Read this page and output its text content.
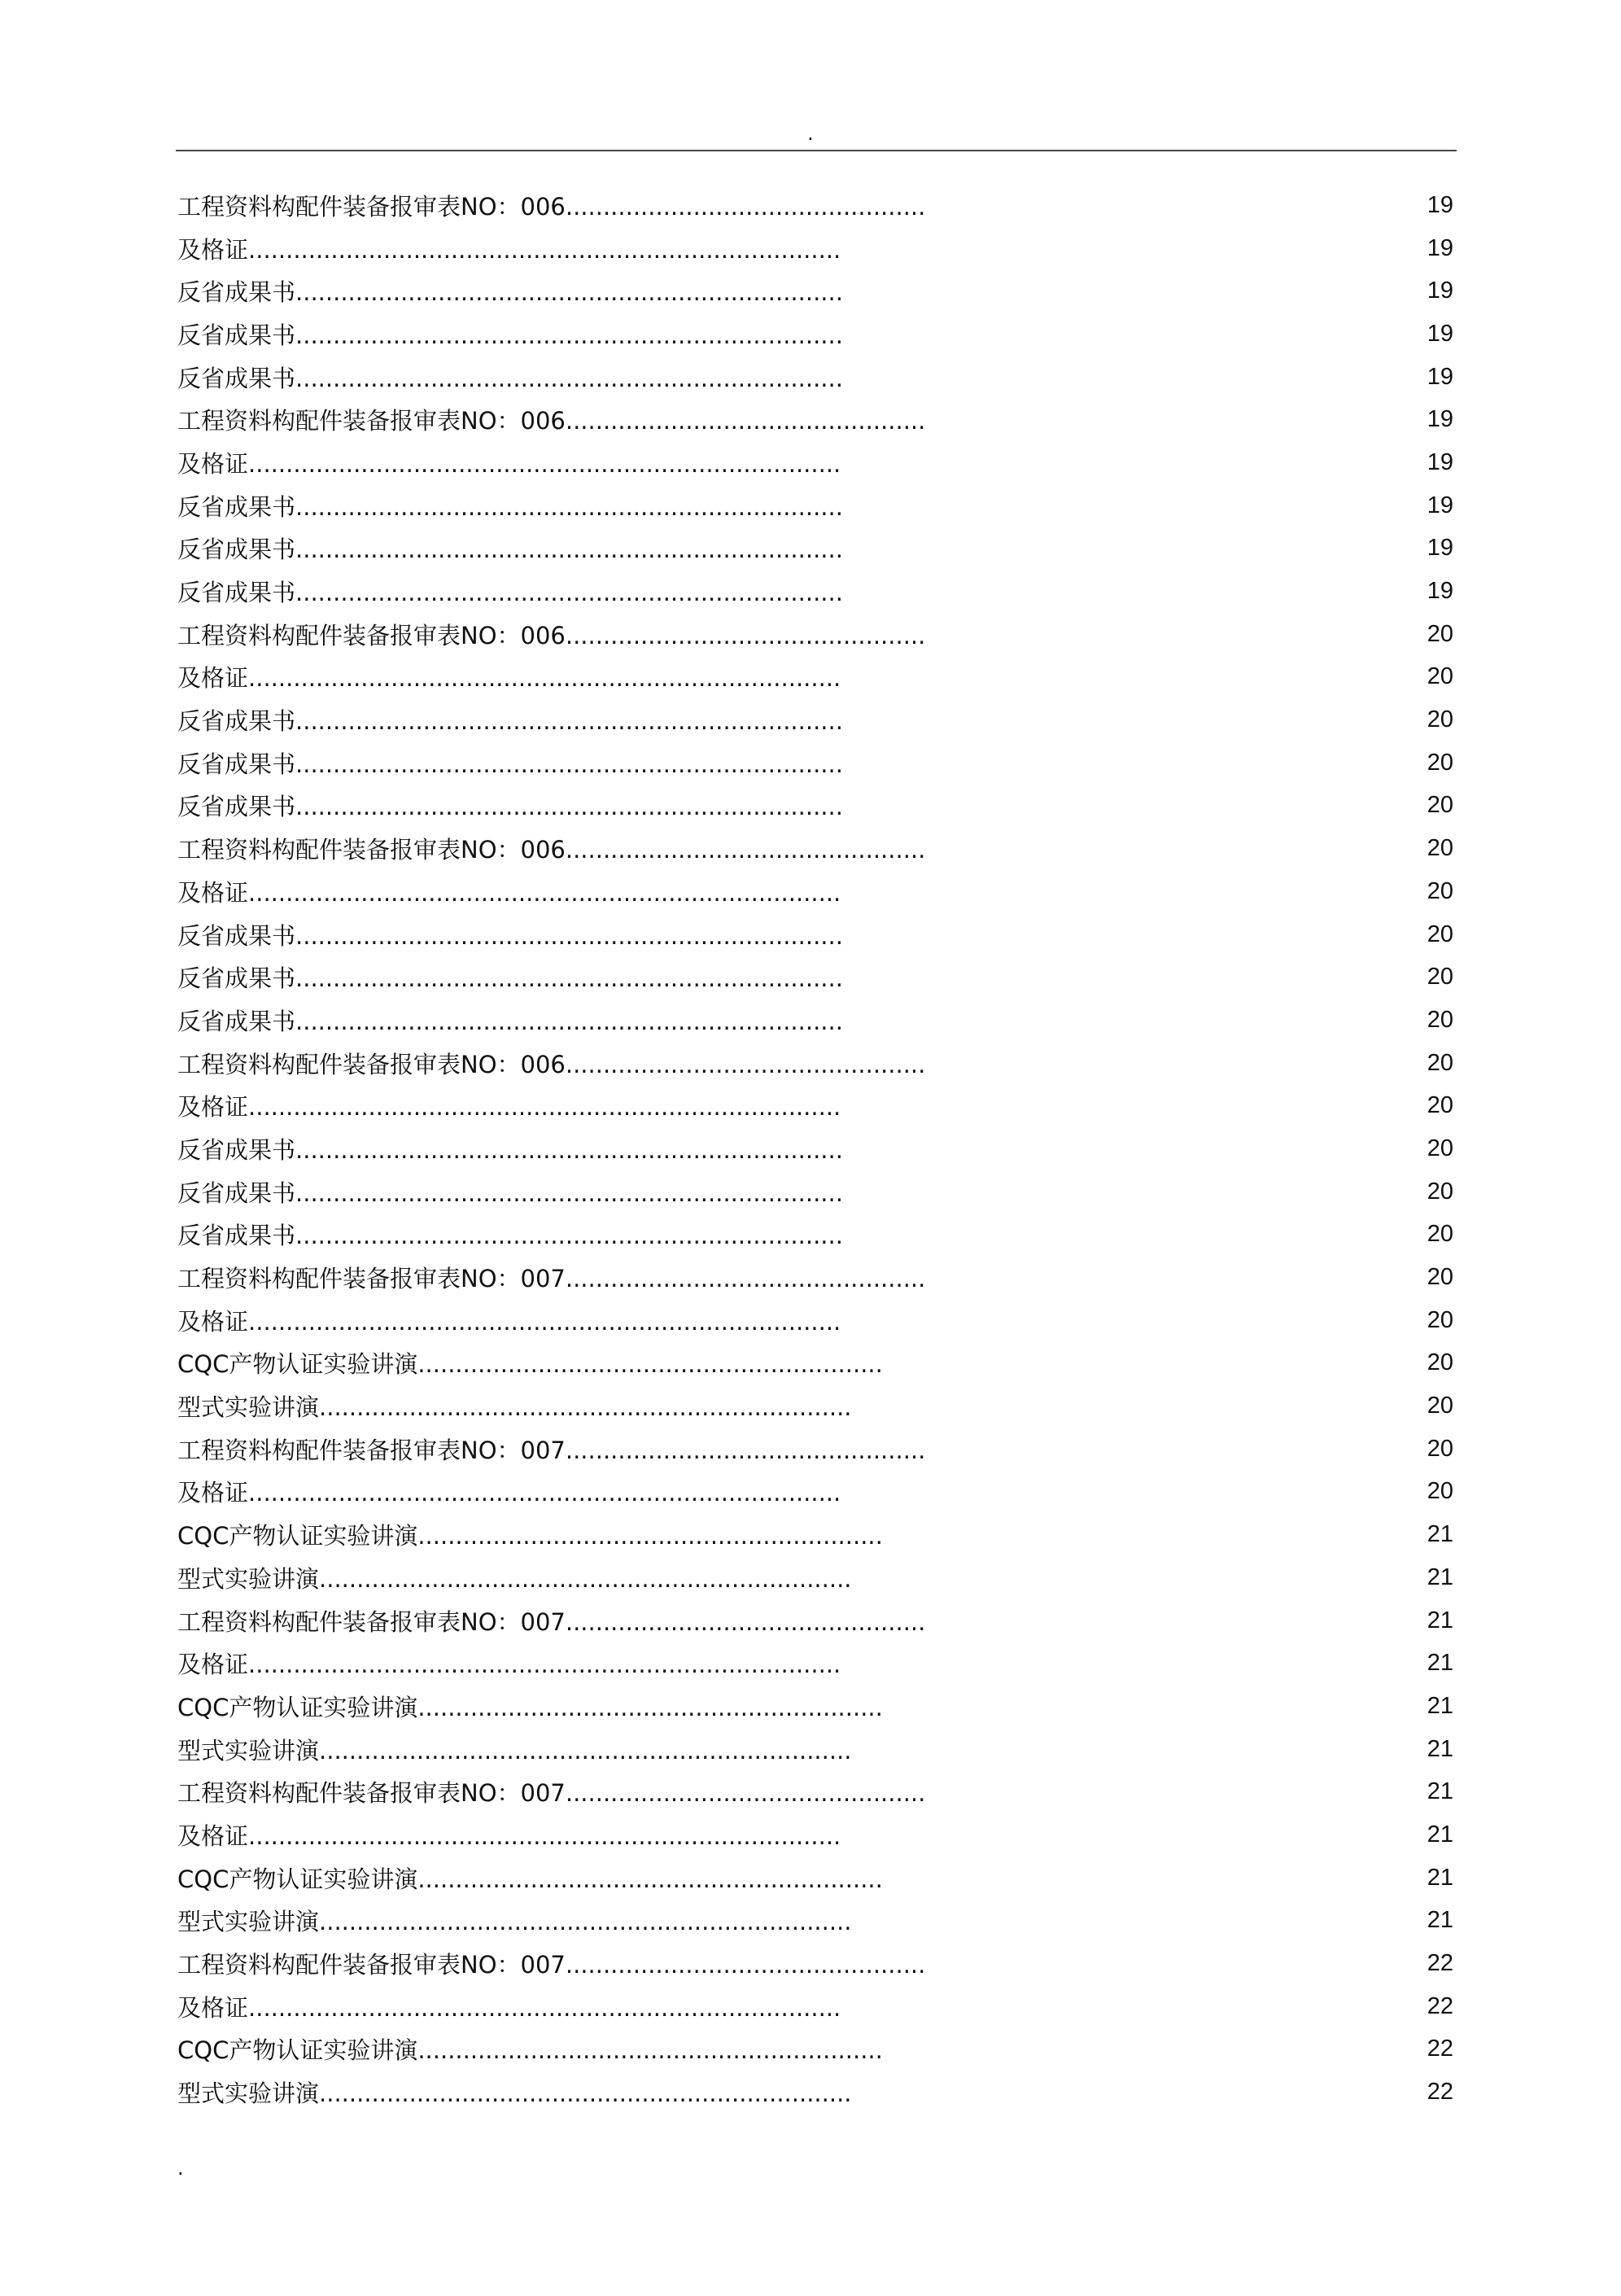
.
工程资料构配件装备报审表NO：006................................................	19
及格证...............................................................................	19
反省成果书.........................................................................	19
反省成果书.........................................................................	19
反省成果书.........................................................................	19
工程资料构配件装备报审表NO：006................................................	19
及格证...............................................................................	19
反省成果书.........................................................................	19
反省成果书.........................................................................	19
反省成果书.........................................................................	19
工程资料构配件装备报审表NO：006................................................	20
及格证...............................................................................	20
反省成果书.........................................................................	20
反省成果书.........................................................................	20
反省成果书.........................................................................	20
工程资料构配件装备报审表NO：006................................................	20
及格证...............................................................................	20
反省成果书.........................................................................	20
反省成果书.........................................................................	20
反省成果书.........................................................................	20
工程资料构配件装备报审表NO：006................................................	20
及格证...............................................................................	20
反省成果书.........................................................................	20
反省成果书.........................................................................	20
反省成果书.........................................................................	20
工程资料构配件装备报审表NO：007................................................	20
及格证...............................................................................	20
CQC产物认证实验讲演..............................................................	20
型式实验讲演.......................................................................	20
工程资料构配件装备报审表NO：007................................................	20
及格证...............................................................................	20
CQC产物认证实验讲演..............................................................	21
型式实验讲演.......................................................................	21
工程资料构配件装备报审表NO：007................................................	21
及格证...............................................................................	21
CQC产物认证实验讲演..............................................................	21
型式实验讲演.......................................................................	21
工程资料构配件装备报审表NO：007................................................	21
及格证...............................................................................	21
CQC产物认证实验讲演..............................................................	21
型式实验讲演.......................................................................	21
工程资料构配件装备报审表NO：007................................................	22
及格证...............................................................................	22
CQC产物认证实验讲演..............................................................	22
型式实验讲演.......................................................................	22
.
